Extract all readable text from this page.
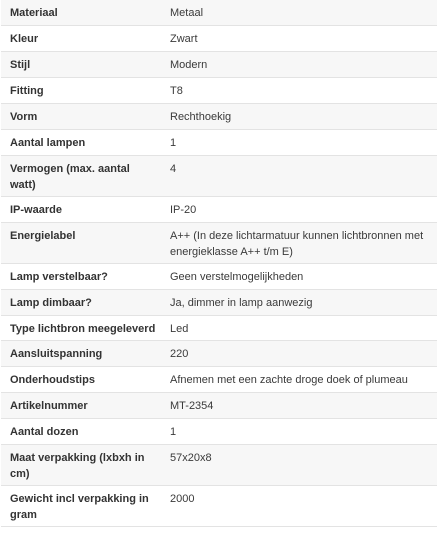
Materiaal	Metaal
Kleur	Zwart
Stijl	Modern
Fitting	T8
Vorm	Rechthoekig
Aantal lampen	1
Vermogen (max. aantal watt)	4
IP-waarde	IP-20
Energielabel	A++ (In deze lichtarmatuur kunnen lichtbronnen met energieklasse A++ t/m E)
Lamp verstelbaar?	Geen verstelmogelijkheden
Lamp dimbaar?	Ja, dimmer in lamp aanwezig
Type lichtbron meegeleverd	Led
Aansluitspanning	220
Onderhoudstips	Afnemen met een zachte droge doek of plumeau
Artikelnummer	MT-2354
Aantal dozen	1
Maat verpakking (lxbxh in cm)	57x20x8
Gewicht incl verpakking in gram	2000
